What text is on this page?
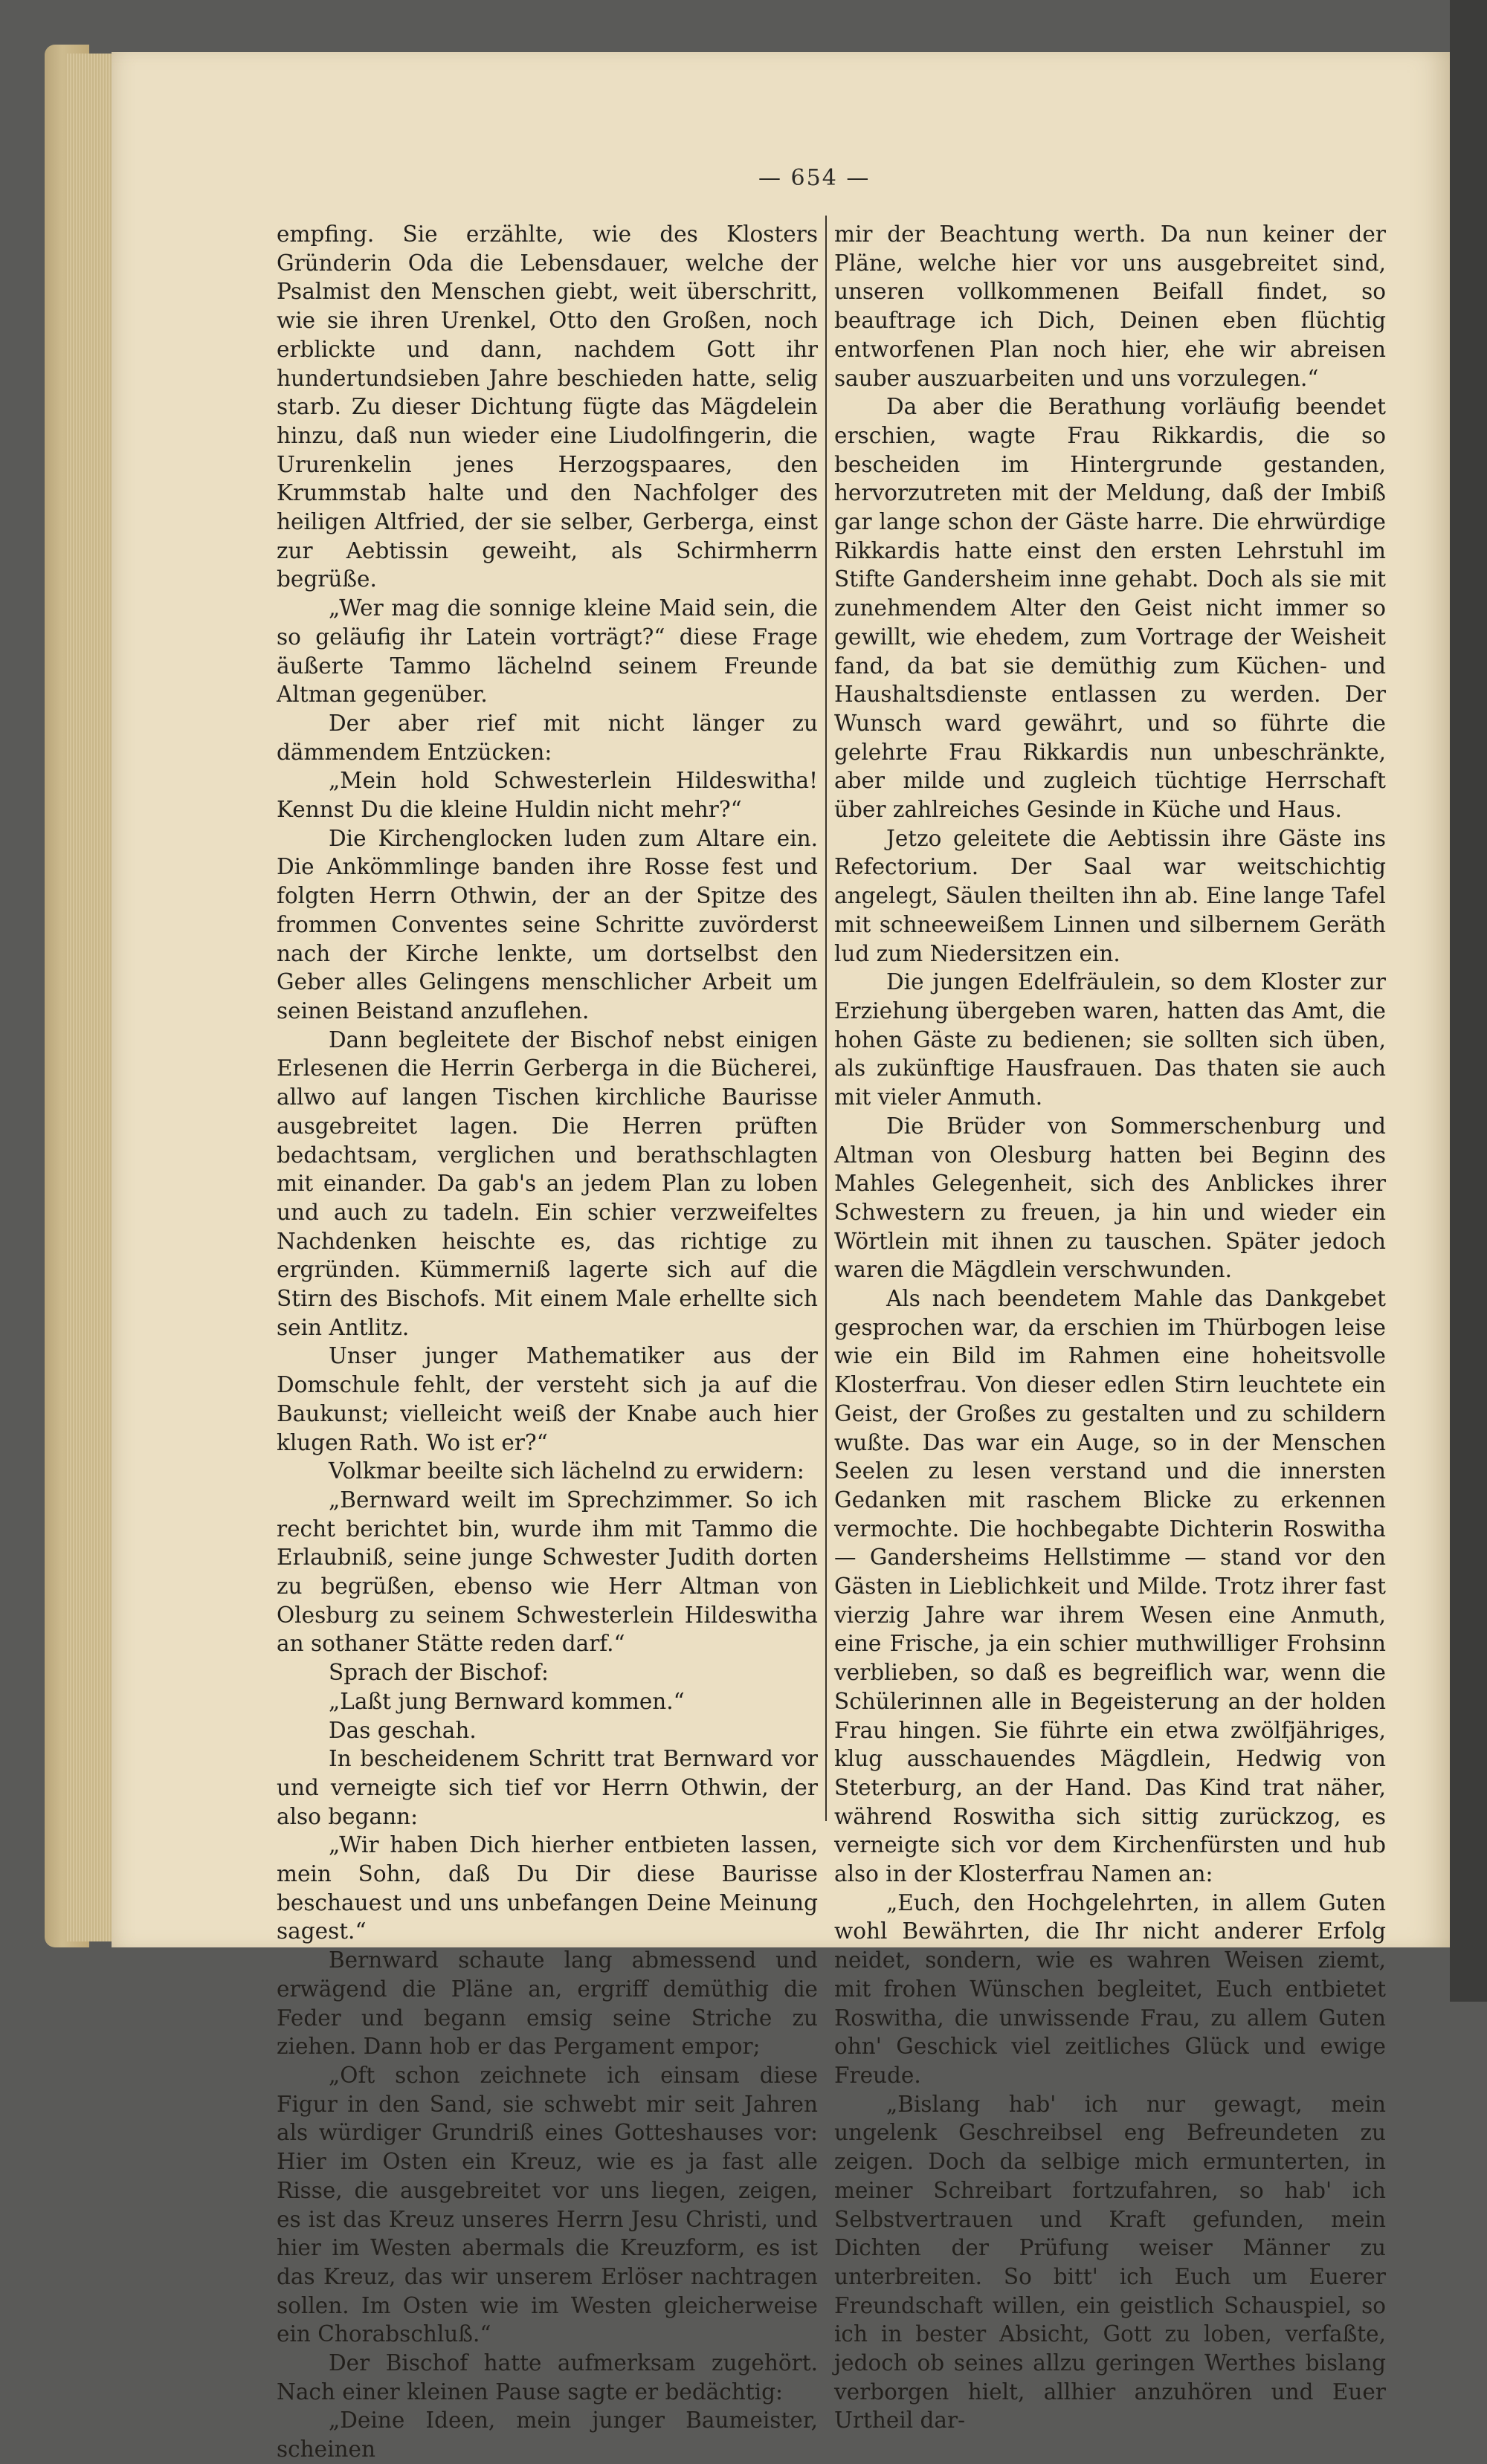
— 654 —

empfing. Sie erzählte, wie des Klosters Gründerin Oda die Lebensdauer, welche der Psalmist den Menschen giebt, weit überschritt, wie sie ihren Urenkel, Otto den Großen, noch erblickte und dann, nachdem Gott ihr hundertundsieben Jahre beschieden hatte, selig starb. Zu dieser Dichtung fügte das Mägdelein hinzu, daß nun wieder eine Liudolfingerin, die Ururenkelin jenes Herzogspaares, den Krummstab halte und den Nachfolger des heiligen Altfried, der sie selber, Gerberga, einst zur Aebtissin geweiht, als Schirmherrn begrüße.

„Wer mag die sonnige kleine Maid sein, die so geläufig ihr Latein vorträgt?“ diese Frage äußerte Tammo lächelnd seinem Freunde Altman gegenüber.

Der aber rief mit nicht länger zu dämmendem Entzücken:

„Mein hold Schwesterlein Hildeswitha! Kennst Du die kleine Huldin nicht mehr?“

Die Kirchenglocken luden zum Altare ein. Die Ankömmlinge banden ihre Rosse fest und folgten Herrn Othwin, der an der Spitze des frommen Conventes seine Schritte zuvörderst nach der Kirche lenkte, um dortselbst den Geber alles Gelingens menschlicher Arbeit um seinen Beistand anzuflehen.

Dann begleitete der Bischof nebst einigen Erlesenen die Herrin Gerberga in die Bücherei, allwo auf langen Tischen kirchliche Baurisse ausgebreitet lagen. Die Herren prüften bedachtsam, verglichen und berathschlagten mit einander. Da gab's an jedem Plan zu loben und auch zu tadeln. Ein schier verzweifeltes Nachdenken heischte es, das richtige zu ergründen. Kümmerniß lagerte sich auf die Stirn des Bischofs. Mit einem Male erhellte sich sein Antlitz.

Unser junger Mathematiker aus der Domschule fehlt, der versteht sich ja auf die Baukunst; vielleicht weiß der Knabe auch hier klugen Rath. Wo ist er?“

Volkmar beeilte sich lächelnd zu erwidern:

„Bernward weilt im Sprechzimmer. So ich recht berichtet bin, wurde ihm mit Tammo die Erlaubniß, seine junge Schwester Judith dorten zu begrüßen, ebenso wie Herr Altman von Olesburg zu seinem Schwesterlein Hildeswitha an sothaner Stätte reden darf.“

Sprach der Bischof:

„Laßt jung Bernward kommen.“

Das geschah.

In bescheidenem Schritt trat Bernward vor und verneigte sich tief vor Herrn Othwin, der also begann:

„Wir haben Dich hierher entbieten lassen, mein Sohn, daß Du Dir diese Baurisse beschauest und uns unbefangen Deine Meinung sagest.“

Bernward schaute lang abmessend und erwägend die Pläne an, ergriff demüthig die Feder und begann emsig seine Striche zu ziehen. Dann hob er das Pergament empor;

„Oft schon zeichnete ich einsam diese Figur in den Sand, sie schwebt mir seit Jahren als würdiger Grundriß eines Gotteshauses vor: Hier im Osten ein Kreuz, wie es ja fast alle Risse, die ausgebreitet vor uns liegen, zeigen, es ist das Kreuz unseres Herrn Jesu Christi, und hier im Westen abermals die Kreuzform, es ist das Kreuz, das wir unserem Erlöser nachtragen sollen. Im Osten wie im Westen gleicherweise ein Chorabschluß.“

Der Bischof hatte aufmerksam zugehört. Nach einer kleinen Pause sagte er bedächtig:

„Deine Ideen, mein junger Baumeister, scheinen

mir der Beachtung werth. Da nun keiner der Pläne, welche hier vor uns ausgebreitet sind, unseren vollkommenen Beifall findet, so beauftrage ich Dich, Deinen eben flüchtig entworfenen Plan noch hier, ehe wir abreisen sauber auszuarbeiten und uns vorzulegen.“

Da aber die Berathung vorläufig beendet erschien, wagte Frau Rikkardis, die so bescheiden im Hintergrunde gestanden, hervorzutreten mit der Meldung, daß der Imbiß gar lange schon der Gäste harre. Die ehrwürdige Rikkardis hatte einst den ersten Lehrstuhl im Stifte Gandersheim inne gehabt. Doch als sie mit zunehmendem Alter den Geist nicht immer so gewillt, wie ehedem, zum Vortrage der Weisheit fand, da bat sie demüthig zum Küchen- und Haushaltsdienste entlassen zu werden. Der Wunsch ward gewährt, und so führte die gelehrte Frau Rikkardis nun unbeschränkte, aber milde und zugleich tüchtige Herrschaft über zahlreiches Gesinde in Küche und Haus.

Jetzo geleitete die Aebtissin ihre Gäste ins Refectorium. Der Saal war weitschichtig angelegt, Säulen theilten ihn ab. Eine lange Tafel mit schneeweißem Linnen und silbernem Geräth lud zum Niedersitzen ein.

Die jungen Edelfräulein, so dem Kloster zur Erziehung übergeben waren, hatten das Amt, die hohen Gäste zu bedienen; sie sollten sich üben, als zukünftige Hausfrauen. Das thaten sie auch mit vieler Anmuth.

Die Brüder von Sommerschenburg und Altman von Olesburg hatten bei Beginn des Mahles Gelegenheit, sich des Anblickes ihrer Schwestern zu freuen, ja hin und wieder ein Wörtlein mit ihnen zu tauschen. Später jedoch waren die Mägdlein verschwunden.

Als nach beendetem Mahle das Dankgebet gesprochen war, da erschien im Thürbogen leise wie ein Bild im Rahmen eine hoheitsvolle Klosterfrau. Von dieser edlen Stirn leuchtete ein Geist, der Großes zu gestalten und zu schildern wußte. Das war ein Auge, so in der Menschen Seelen zu lesen verstand und die innersten Gedanken mit raschem Blicke zu erkennen vermochte. Die hochbegabte Dichterin Roswitha — Gandersheims Hellstimme — stand vor den Gästen in Lieblichkeit und Milde. Trotz ihrer fast vierzig Jahre war ihrem Wesen eine Anmuth, eine Frische, ja ein schier muthwilliger Frohsinn verblieben, so daß es begreiflich war, wenn die Schülerinnen alle in Begeisterung an der holden Frau hingen. Sie führte ein etwa zwölfjähriges, klug ausschauendes Mägdlein, Hedwig von Steterburg, an der Hand. Das Kind trat näher, während Roswitha sich sittig zurückzog, es verneigte sich vor dem Kirchenfürsten und hub also in der Klosterfrau Namen an:

„Euch, den Hochgelehrten, in allem Guten wohl Bewährten, die Ihr nicht anderer Erfolg neidet, sondern, wie es wahren Weisen ziemt, mit frohen Wünschen begleitet, Euch entbietet Roswitha, die unwissende Frau, zu allem Guten ohn' Geschick viel zeitliches Glück und ewige Freude.

„Bislang hab' ich nur gewagt, mein ungelenk Geschreibsel eng Befreundeten zu zeigen. Doch da selbige mich ermunterten, in meiner Schreibart fortzufahren, so hab' ich Selbstvertrauen und Kraft gefunden, mein Dichten der Prüfung weiser Männer zu unterbreiten. So bitt' ich Euch um Euerer Freundschaft willen, ein geistlich Schauspiel, so ich in bester Absicht, Gott zu loben, verfaßte, jedoch ob seines allzu geringen Werthes bislang verborgen hielt, allhier anzuhören und Euer Urtheil dar-
